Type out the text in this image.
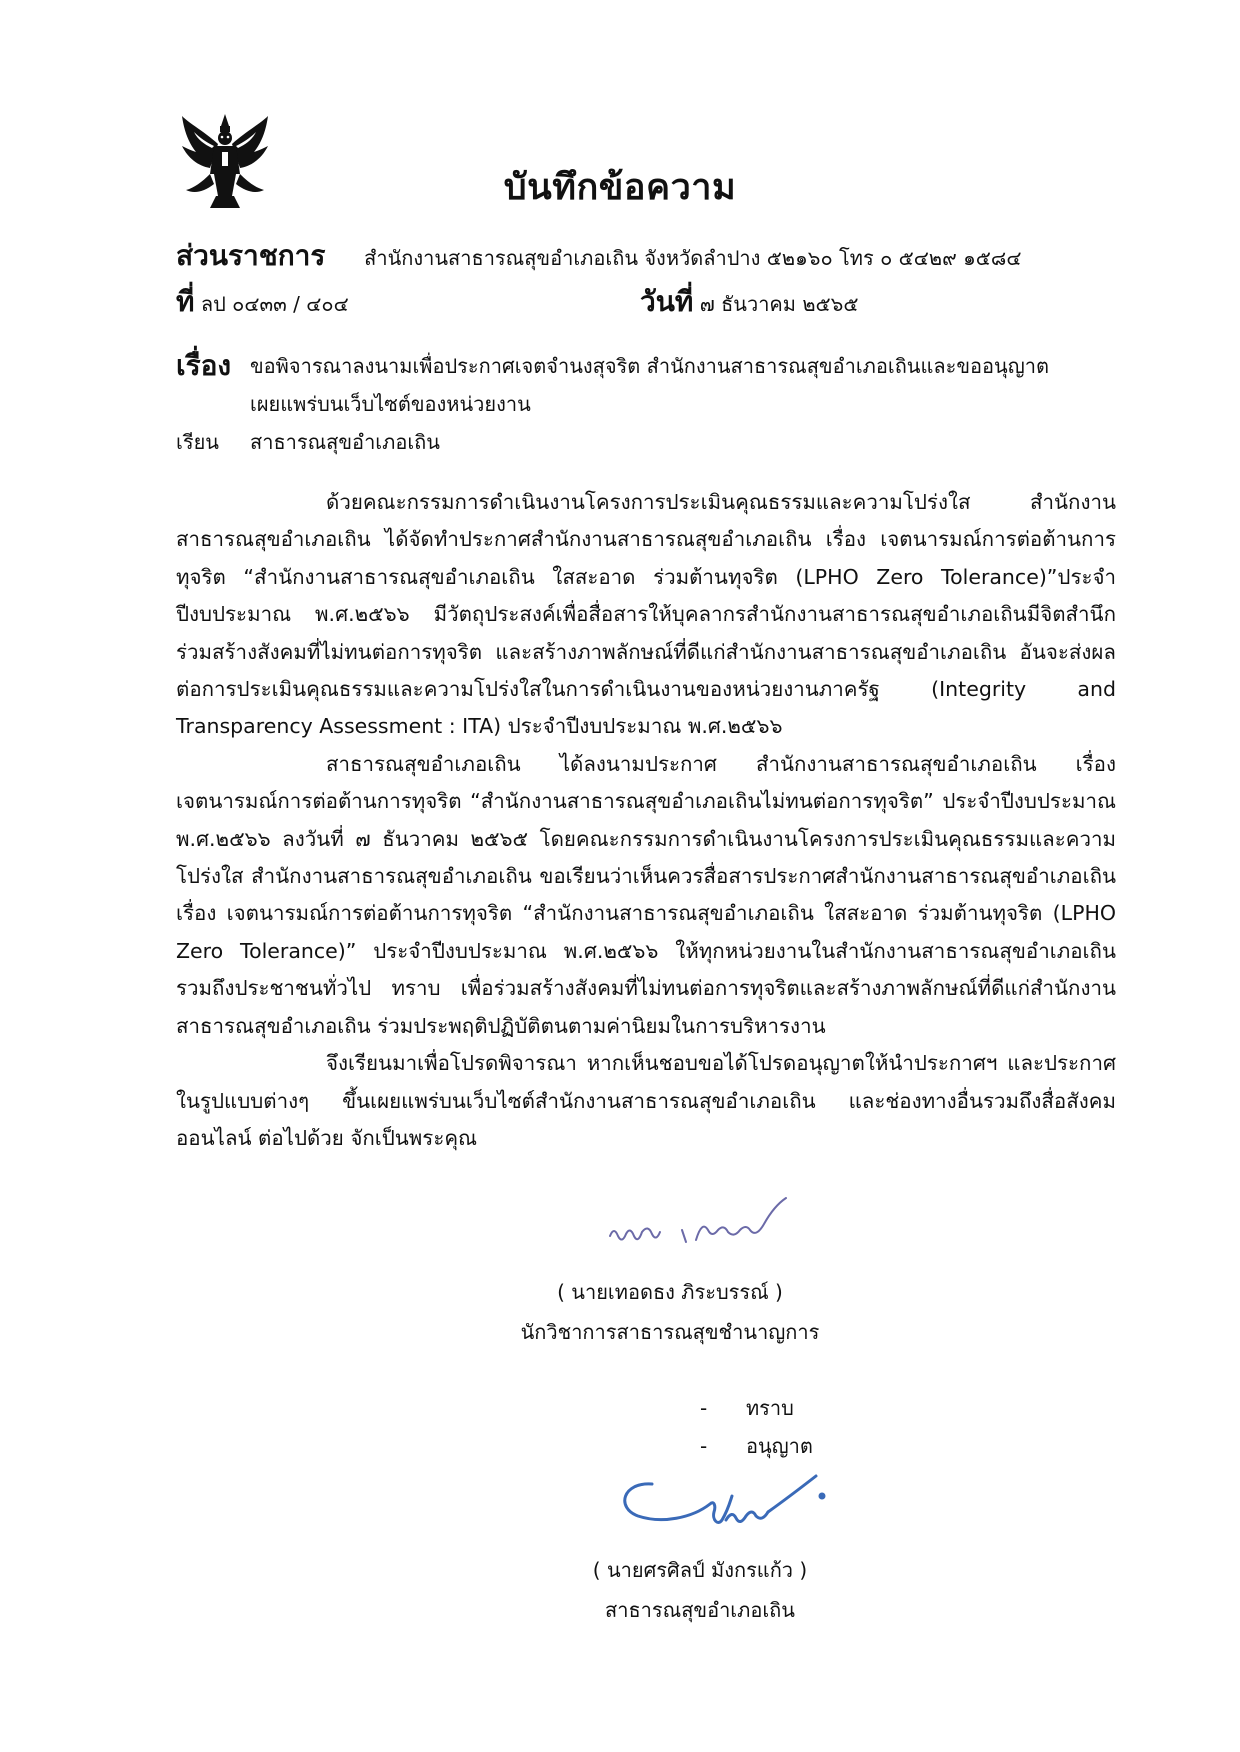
บันทึกข้อความ
ส่วนราชการ สำนักงานสาธารณสุขอำเภอเถิน จังหวัดลำปาง ๕๒๑๖๐ โทร ๐ ๕๔๒๙ ๑๕๘๔
ที่ ลป ๐๔๓๓ / ๔๐๔	วันที่ ๗ ธันวาคม ๒๕๖๕
เรื่อง ขอพิจารณาลงนามเพื่อประกาศเจตจำนงสุจริต สำนักงานสาธารณสุขอำเภอเถินและขออนุญาต
เผยแพร่บนเว็บไซต์ของหน่วยงาน
เรียน สาธารณสุขอำเภอเถิน

ด้วยคณะกรรมการดำเนินงานโครงการประเมินคุณธรรมและความโปร่งใส สำนักงานสาธารณสุขอำเภอเถิน ได้จัดทำประกาศสำนักงานสาธารณสุขอำเภอเถิน เรื่อง เจตนารมณ์การต่อต้านการทุจริต “สำนักงานสาธารณสุขอำเภอเถิน ใสสะอาด ร่วมต้านทุจริต (LPHO Zero Tolerance)”ประจำปีงบประมาณ พ.ศ.๒๕๖๖ มีวัตถุประสงค์เพื่อสื่อสารให้บุคลากรสำนักงานสาธารณสุขอำเภอเถินมีจิตสำนึก ร่วมสร้างสังคมที่ไม่ทนต่อการทุจริต และสร้างภาพลักษณ์ที่ดีแก่สำนักงานสาธารณสุขอำเภอเถิน อันจะส่งผลต่อการประเมินคุณธรรมและความโปร่งใสในการดำเนินงานของหน่วยงานภาครัฐ (Integrity and Transparency Assessment : ITA) ประจำปีงบประมาณ พ.ศ.๒๕๖๖

สาธารณสุขอำเภอเถิน ได้ลงนามประกาศ สำนักงานสาธารณสุขอำเภอเถิน เรื่อง เจตนารมณ์การต่อต้านการทุจริต “สำนักงานสาธารณสุขอำเภอเถินไม่ทนต่อการทุจริต” ประจำปีงบประมาณ พ.ศ.๒๕๖๖ ลงวันที่ ๗ ธันวาคม ๒๕๖๕ โดยคณะกรรมการดำเนินงานโครงการประเมินคุณธรรมและความโปร่งใส สำนักงานสาธารณสุขอำเภอเถิน ขอเรียนว่าเห็นควรสื่อสารประกาศสำนักงานสาธารณสุขอำเภอเถิน เรื่อง เจตนารมณ์การต่อต้านการทุจริต “สำนักงานสาธารณสุขอำเภอเถิน ใสสะอาด ร่วมต้านทุจริต (LPHO Zero Tolerance)” ประจำปีงบประมาณ พ.ศ.๒๕๖๖ ให้ทุกหน่วยงานในสำนักงานสาธารณสุขอำเภอเถิน รวมถึงประชาชนทั่วไป ทราบ เพื่อร่วมสร้างสังคมที่ไม่ทนต่อการทุจริตและสร้างภาพลักษณ์ที่ดีแก่สำนักงานสาธารณสุขอำเภอเถิน ร่วมประพฤติปฏิบัติตนตามค่านิยมในการบริหารงาน

จึงเรียนมาเพื่อโปรดพิจารณา หากเห็นชอบขอได้โปรดอนุญาตให้นำประกาศฯ และประกาศในรูปแบบต่างๆ ขึ้นเผยแพร่บนเว็บไซต์สำนักงานสาธารณสุขอำเภอเถิน และช่องทางอื่นรวมถึงสื่อสังคมออนไลน์ ต่อไปด้วย จักเป็นพระคุณ

( นายเทอดธง ภิระบรรณ์ )
นักวิชาการสาธารณสุขชำนาญการ
- ทราบ
- อนุญาต
( นายศรศิลป์ มังกรแก้ว )
สาธารณสุขอำเภอเถิน
